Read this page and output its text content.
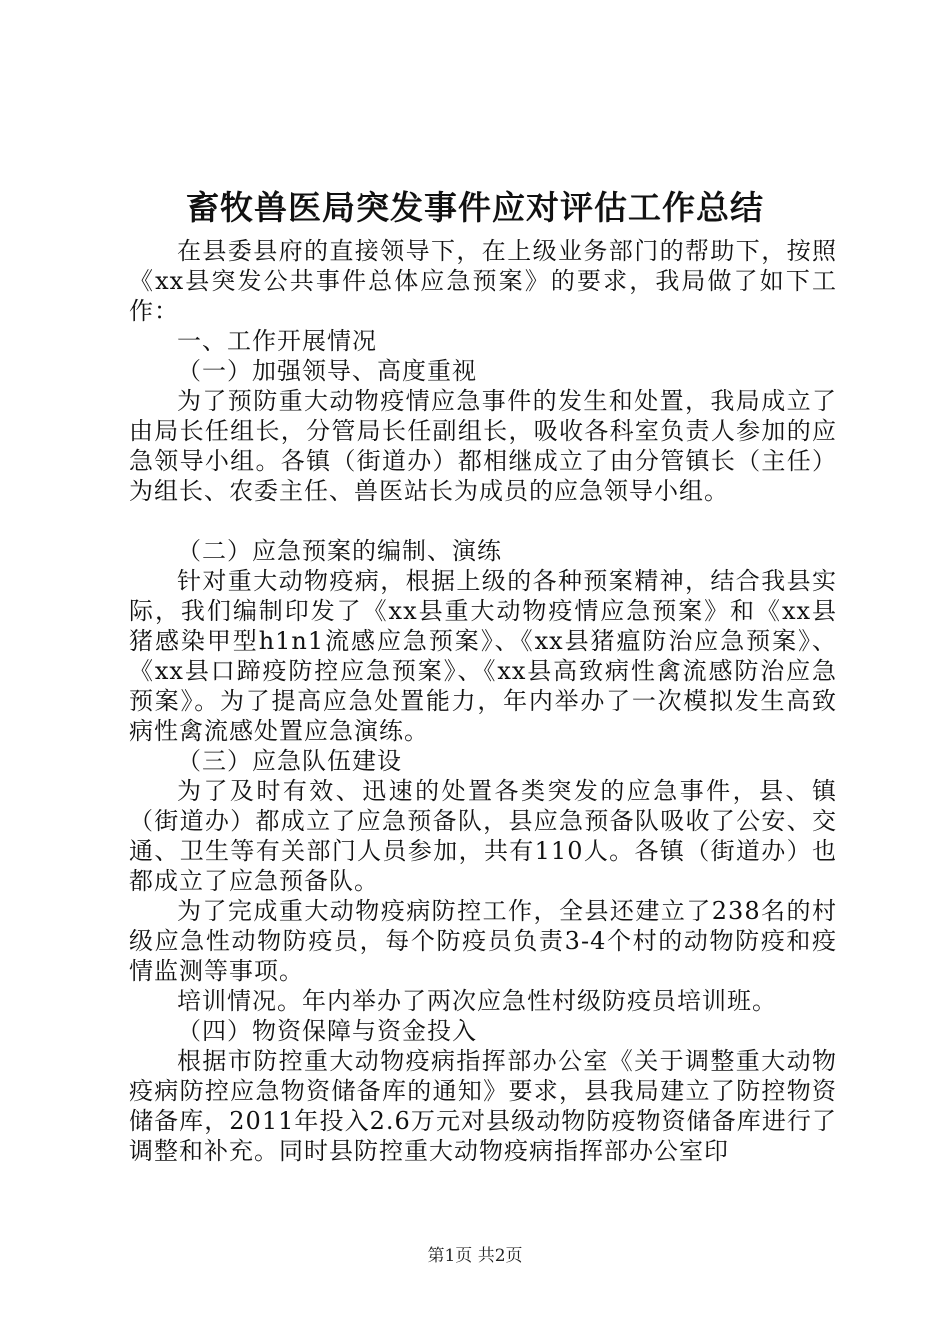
畜牧兽医局突发事件应对评估工作总结

在县委县府的直接领导下，在上级业务部门的帮助下，按照《xx县突发公共事件总体应急预案》的要求，我局做了如下工作：

一、工作开展情况

（一）加强领导、高度重视

为了预防重大动物疫情应急事件的发生和处置，我局成立了由局长任组长，分管局长任副组长，吸收各科室负责人参加的应急领导小组。各镇（街道办）都相继成立了由分管镇长（主任）为组长、农委主任、兽医站长为成员的应急领导小组。

（二）应急预案的编制、演练

针对重大动物疫病，根据上级的各种预案精神，结合我县实际，我们编制印发了《xx县重大动物疫情应急预案》和《xx县猪感染甲型h1n1流感应急预案》、《xx县猪瘟防治应急预案》、《xx县口蹄疫防控应急预案》、《xx县高致病性禽流感防治应急预案》。为了提高应急处置能力，年内举办了一次模拟发生高致病性禽流感处置应急演练。

（三）应急队伍建设

为了及时有效、迅速的处置各类突发的应急事件，县、镇（街道办）都成立了应急预备队，县应急预备队吸收了公安、交通、卫生等有关部门人员参加，共有110人。各镇（街道办）也都成立了应急预备队。

为了完成重大动物疫病防控工作，全县还建立了238名的村级应急性动物防疫员，每个防疫员负责3-4个村的动物防疫和疫情监测等事项。

培训情况。年内举办了两次应急性村级防疫员培训班。

（四）物资保障与资金投入

根据市防控重大动物疫病指挥部办公室《关于调整重大动物疫病防控应急物资储备库的通知》要求，县我局建立了防控物资储备库，2011年投入2.6万元对县级动物防疫物资储备库进行了调整和补充。同时县防控重大动物疫病指挥部办公室印

第1页 共2页
